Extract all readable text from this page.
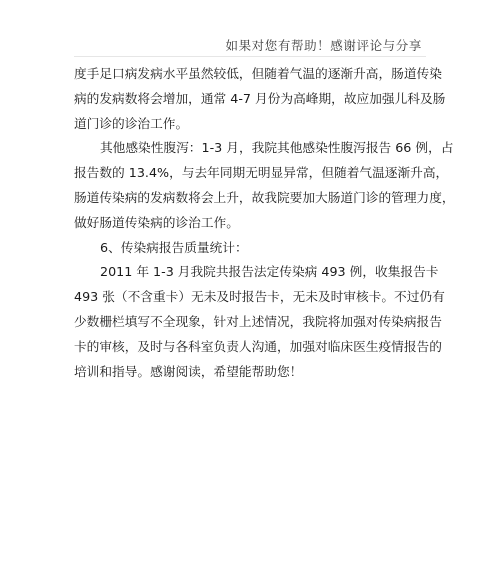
如果对您有帮助！感谢评论与分享
度手足口病发病水平虽然较低，但随着气温的逐渐升高，肠道传染
病的发病数将会增加，通常 4-7 月份为高峰期，故应加强儿科及肠
道门诊的诊治工作。
其他感染性腹泻：1-3 月，我院其他感染性腹泻报告 66 例，占
报告数的 13.4%，与去年同期无明显异常，但随着气温逐渐升高，
肠道传染病的发病数将会上升，故我院要加大肠道门诊的管理力度，
做好肠道传染病的诊治工作。
6、传染病报告质量统计：
2011 年 1-3 月我院共报告法定传染病 493 例，收集报告卡
493 张（不含重卡）无未及时报告卡，无未及时审核卡。不过仍有
少数栅栏填写不全现象，针对上述情况，我院将加强对传染病报告
卡的审核，及时与各科室负责人沟通，加强对临床医生疫情报告的
培训和指导。感谢阅读，希望能帮助您！
